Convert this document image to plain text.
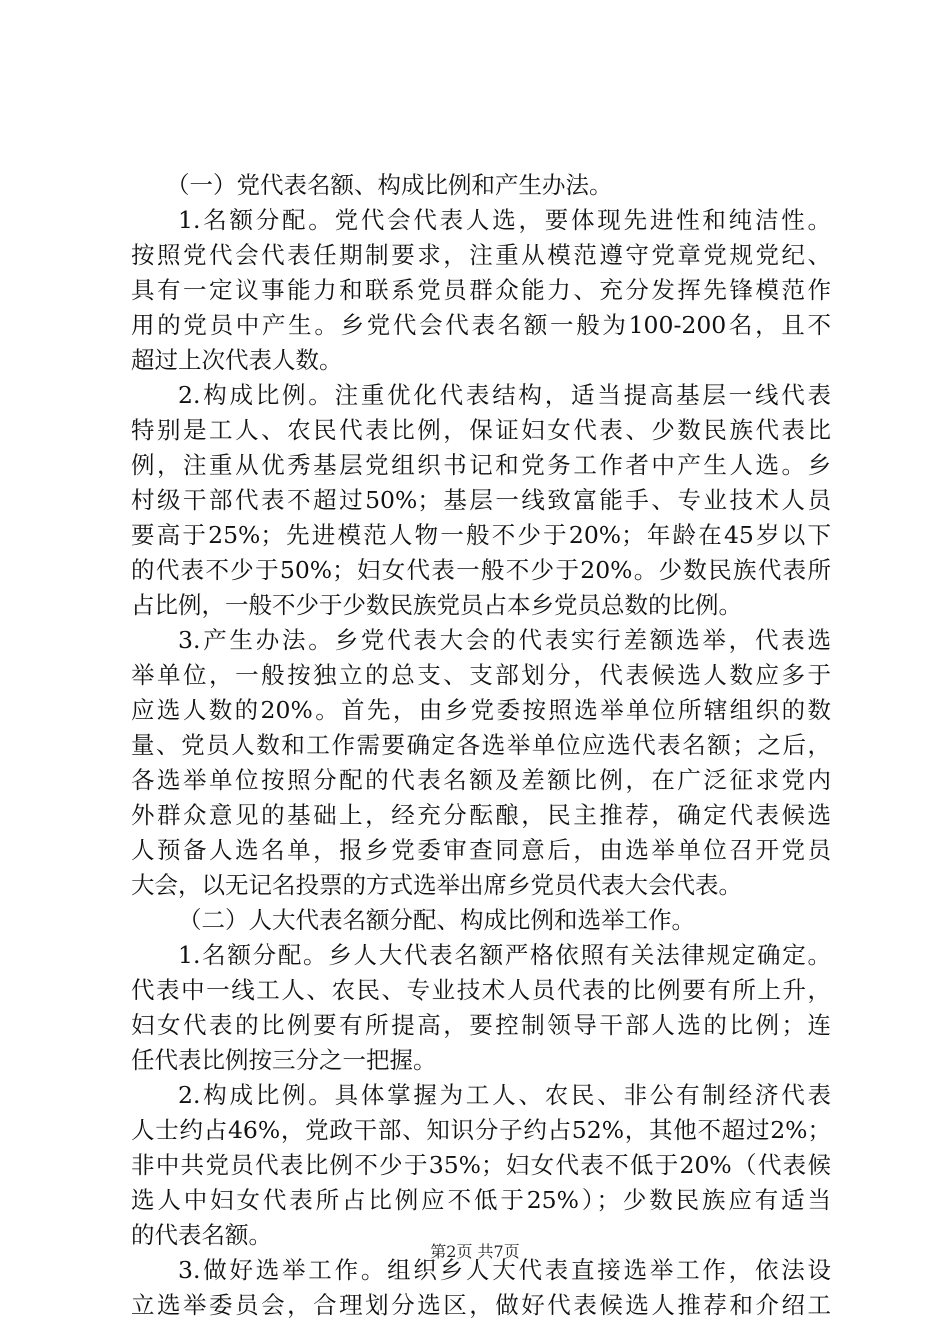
（一）党代表名额、构成比例和产生办法。
1.名额分配。党代会代表人选，要体现先进性和纯洁性。
按照党代会代表任期制要求，注重从模范遵守党章党规党纪、
具有一定议事能力和联系党员群众能力、充分发挥先锋模范作
用的党员中产生。乡党代会代表名额一般为100-200名，且不
超过上次代表人数。
2.构成比例。注重优化代表结构，适当提高基层一线代表
特别是工人、农民代表比例，保证妇女代表、少数民族代表比
例，注重从优秀基层党组织书记和党务工作者中产生人选。乡
村级干部代表不超过50%；基层一线致富能手、专业技术人员
要高于25%；先进模范人物一般不少于20%；年龄在45岁以下
的代表不少于50%；妇女代表一般不少于20%。少数民族代表所
占比例，一般不少于少数民族党员占本乡党员总数的比例。
3.产生办法。乡党代表大会的代表实行差额选举，代表选
举单位，一般按独立的总支、支部划分，代表候选人数应多于
应选人数的20%。首先，由乡党委按照选举单位所辖组织的数
量、党员人数和工作需要确定各选举单位应选代表名额；之后，
各选举单位按照分配的代表名额及差额比例，在广泛征求党内
外群众意见的基础上，经充分酝酿，民主推荐，确定代表候选
人预备人选名单，报乡党委审查同意后，由选举单位召开党员
大会，以无记名投票的方式选举出席乡党员代表大会代表。
（二）人大代表名额分配、构成比例和选举工作。
1.名额分配。乡人大代表名额严格依照有关法律规定确定。
代表中一线工人、农民、专业技术人员代表的比例要有所上升，
妇女代表的比例要有所提高，要控制领导干部人选的比例；连
任代表比例按三分之一把握。
2.构成比例。具体掌握为工人、农民、非公有制经济代表
人士约占46%，党政干部、知识分子约占52%，其他不超过2%；
非中共党员代表比例不少于35%；妇女代表不低于20%（代表候
选人中妇女代表所占比例应不低于25%）；少数民族应有适当
的代表名额。
3.做好选举工作。组织乡人大代表直接选举工作，依法设
立选举委员会，合理划分选区，做好代表候选人推荐和介绍工
第2页 共7页
